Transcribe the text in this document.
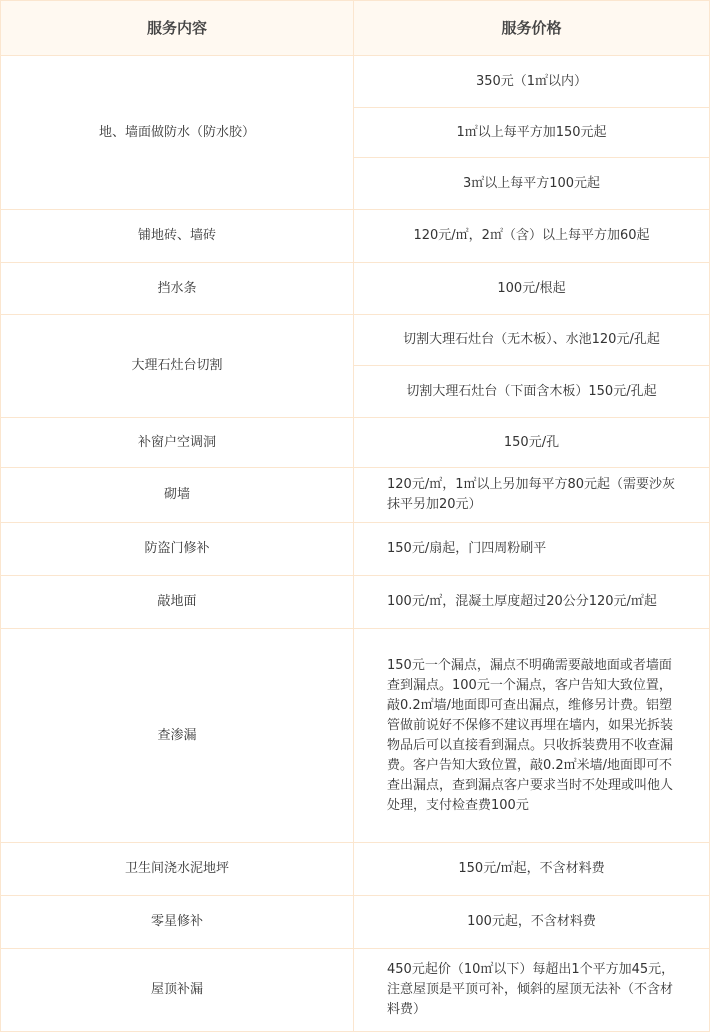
服务内容	服务价格
地、墙面做防水（防水胶）	350元（1㎡以内）
	1㎡以上每平方加150元起
	3㎡以上每平方100元起
铺地砖、墙砖	120元/㎡，2㎡（含）以上每平方加60起
挡水条	100元/根起
大理石灶台切割	切割大理石灶台（无木板）、水池120元/孔起
	切割大理石灶台（下面含木板）150元/孔起
补窗户空调洞	150元/孔
砌墙	120元/㎡，1㎡以上另加每平方80元起（需要沙灰抹平另加20元）
防盗门修补	150元/扇起，门四周粉刷平
敲地面	100元/㎡，混凝土厚度超过20公分120元/㎡起
查渗漏	150元一个漏点，漏点不明确需要敲地面或者墙面查到漏点。100元一个漏点，客户告知大致位置，敲0.2㎡墙/地面即可查出漏点，维修另计费。铝塑管做前说好不保修不建议再埋在墙内，如果光拆装物品后可以直接看到漏点。只收拆装费用不收查漏费。客户告知大致位置，敲0.2㎡米墙/地面即可不查出漏点，查到漏点客户要求当时不处理或叫他人处理，支付检查费100元
卫生间浇水泥地坪	150元/㎡起，不含材料费
零星修补	100元起，不含材料费
屋顶补漏	450元起价（10㎡以下）每超出1个平方加45元，注意屋顶是平顶可补，倾斜的屋顶无法补（不含材料费）
